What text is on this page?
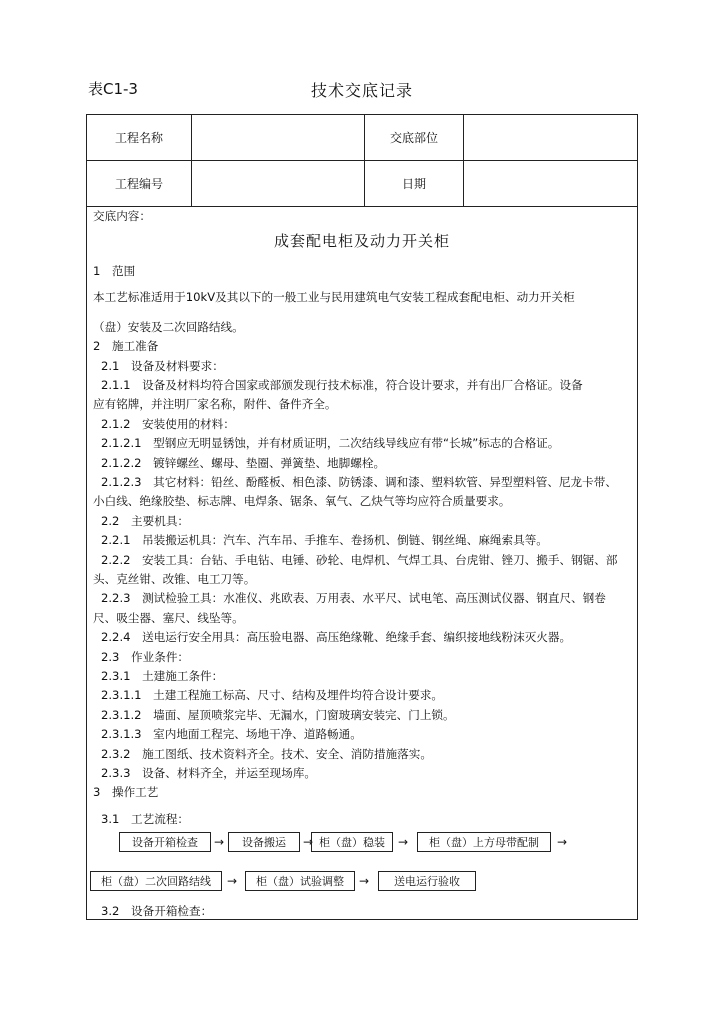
表C1-3	技术交底记录
工程名称		交底部位	
工程编号		日期	
交底内容：
成套配电柜及动力开关柜
1　范围
本工艺标准适用于10kV及其以下的一般工业与民用建筑电气安装工程成套配电柜、动力开关柜
（盘）安装及二次回路结线。
2　施工准备
2.1　设备及材料要求：
2.1.1　设备及材料均符合国家或部颁发现行技术标准，符合设计要求，并有出厂合格证。设备
应有铭牌，并注明厂家名称，附件、备件齐全。
2.1.2　安装使用的材料：
2.1.2.1　型钢应无明显锈蚀，并有材质证明，二次结线导线应有带“长城”标志的合格证。
2.1.2.2　镀锌螺丝、螺母、垫圈、弹簧垫、地脚螺栓。
2.1.2.3　其它材料：铅丝、酚醛板、相色漆、防锈漆、调和漆、塑料软管、异型塑料管、尼龙卡带、
小白线、绝缘胶垫、标志牌、电焊条、锯条、氧气、乙炔气等均应符合质量要求。
2.2　主要机具：
2.2.1　吊装搬运机具：汽车、汽车吊、手推车、卷扬机、倒链、钢丝绳、麻绳索具等。
2.2.2　安装工具：台钻、手电钻、电锤、砂轮、电焊机、气焊工具、台虎钳、锉刀、搬手、钢锯、部
头、克丝钳、改锥、电工刀等。
2.2.3　测试检验工具：水准仪、兆欧表、万用表、水平尺、试电笔、高压测试仪器、钢直尺、钢卷
尺、吸尘器、塞尺、线坠等。
2.2.4　送电运行安全用具：高压验电器、高压绝缘靴、绝缘手套、编织接地线粉沫灭火器。
2.3　作业条件：
2.3.1　土建施工条件：
2.3.1.1　土建工程施工标高、尺寸、结构及埋件均符合设计要求。
2.3.1.2　墙面、屋顶喷浆完毕、无漏水，门窗玻璃安装完、门上锁。
2.3.1.3　室内地面工程完、场地干净、道路畅通。
2.3.2　施工图纸、技术资料齐全。技术、安全、消防措施落实。
2.3.3　设备、材料齐全，并运至现场库。
3　操作工艺
3.1　工艺流程：
设备开箱检查	→	设备搬运	→ 柜（盘）稳装	→	柜（盘）上方母带配制	→
柜（盘）二次回路结线	→	柜（盘）试验调整	→	送电运行验收
3.2　设备开箱检查：
